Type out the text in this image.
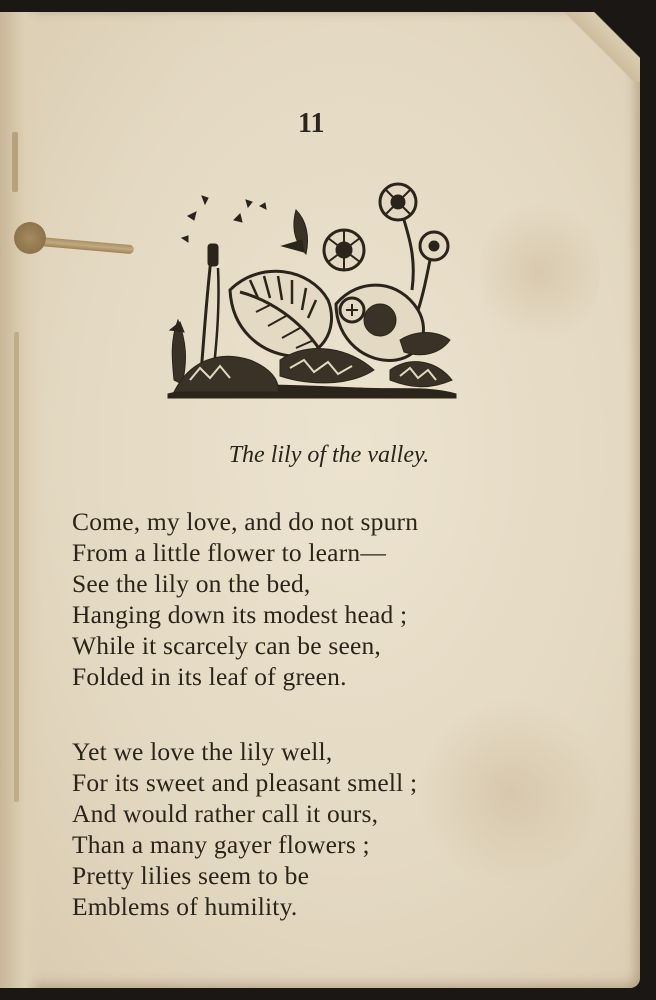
11
The lily of the valley.
Come, my love, and do not spurn
From a little flower to learn—
See the lily on the bed,
Hanging down its modest head ;
While it scarcely can be seen,
Folded in its leaf of green.
Yet we love the lily well,
For its sweet and pleasant smell ;
And would rather call it ours,
Than a many gayer flowers ;
Pretty lilies seem to be
Emblems of humility.
